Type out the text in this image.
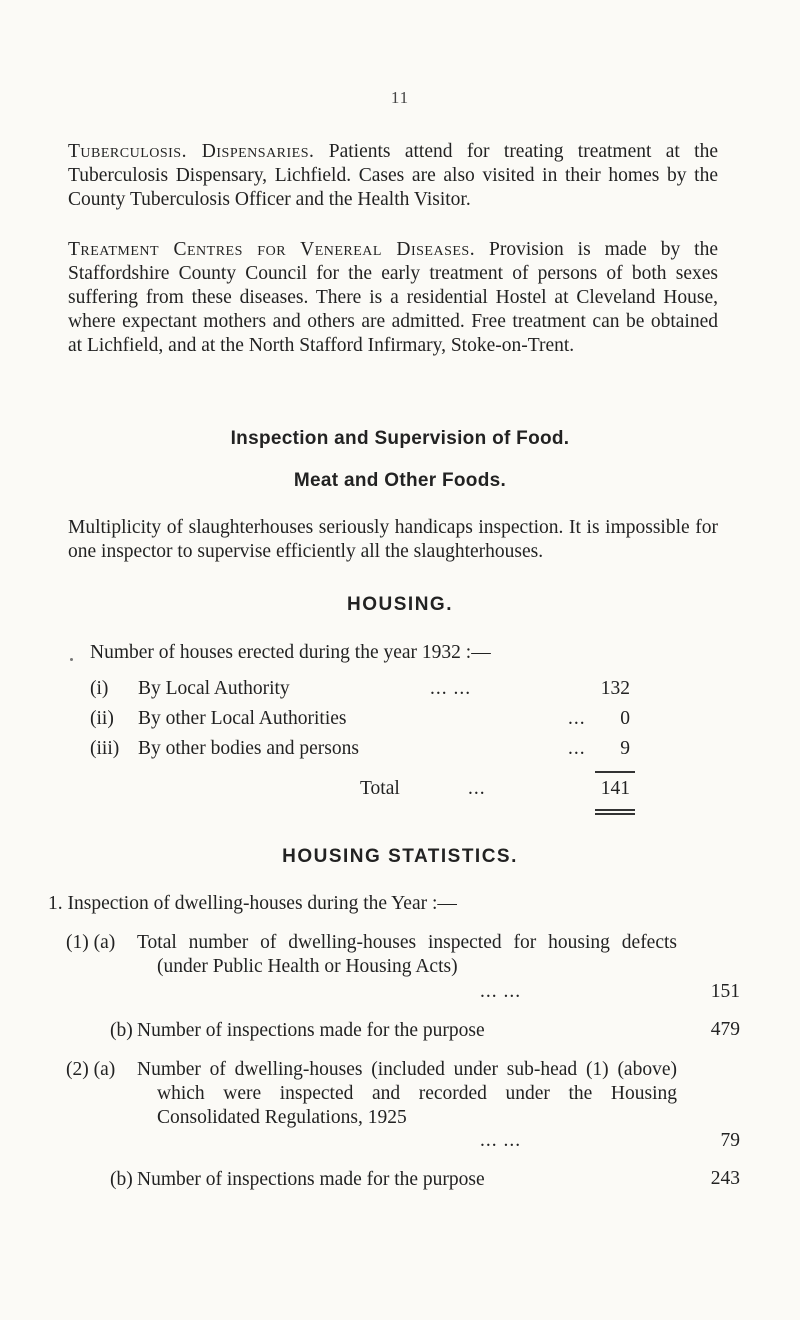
11

Tuberculosis. Dispensaries. Patients attend for treating treatment at the Tuberculosis Dispensary, Lichfield. Cases are also visited in their homes by the County Tuberculosis Officer and the Health Visitor.

Treatment Centres for Venereal Diseases. Provision is made by the Staffordshire County Council for the early treatment of persons of both sexes suffering from these diseases. There is a residential Hostel at Cleveland House, where expectant mothers and others are admitted. Free treatment can be obtained at Lichfield, and at the North Stafford Infirmary, Stoke-on-Trent.

Inspection and Supervision of Food.
Meat and Other Foods.

Multiplicity of slaughterhouses seriously handicaps inspection. It is impossible for one inspector to supervise efficiently all the slaughterhouses.

HOUSING.
Number of houses erected during the year 1932 :—
(i) By Local Authority	... ...	132
(ii) By other Local Authorities	...	0
(iii) By other bodies and persons	...	9
Total	...	141
HOUSING STATISTICS.
1. Inspection of dwelling-houses during the Year :—
(1) (a) Total number of dwelling-houses inspected for housing defects (under Public Health or Housing Acts)
... ...	151
(b) Number of inspections made for the purpose	479
(2) (a) Number of dwelling-houses (included under sub-head (1) (above) which were inspected and recorded under the Housing Consolidated Regulations, 1925
... ...	79
(b) Number of inspections made for the purpose	243
